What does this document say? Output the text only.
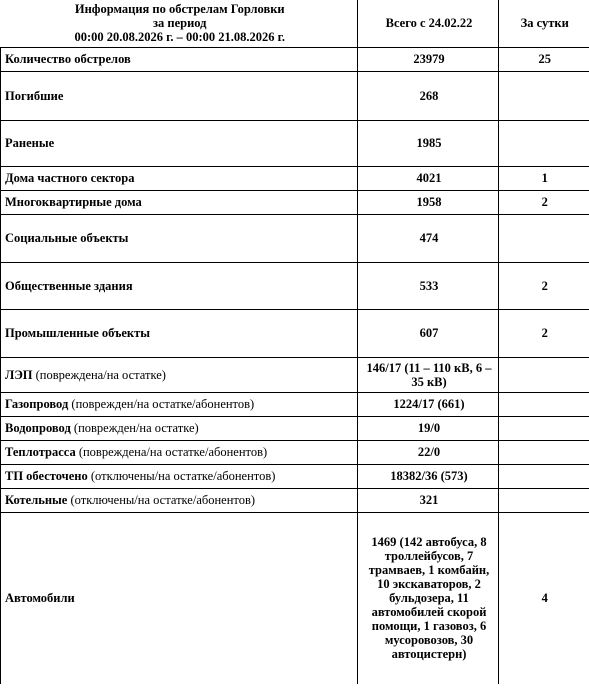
Информация по обстрелам Горловки
за период
00:00 20.08.2026 г. – 00:00 21.08.2026 г.	Всего с 24.02.22	За сутки
Количество обстрелов	23979	25
Погибшие	268	
Раненые	1985	
Дома частного сектора	4021	1
Многоквартирные дома	1958	2
Социальные объекты	474	
Общественные здания	533	2
Промышленные объекты	607	2
ЛЭП (повреждена/на остатке)	146/17 (11 – 110 кВ, 6 – 35 кВ)	
Газопровод (поврежден/на остатке/абонентов)	1224/17 (661)	
Водопровод (поврежден/на остатке)	19/0	
Теплотрасса (повреждена/на остатке/абонентов)	22/0	
ТП обесточено (отключены/на остатке/абонентов)	18382/36 (573)	
Котельные (отключены/на остатке/абонентов)	321	
Автомобили	1469 (142 автобуса, 8 троллейбусов, 7 трамваев, 1 комбайн, 10 экскаваторов, 2 бульдозера, 11 автомобилей скорой помощи, 1 газовоз, 6 мусоровозов, 30 автоцистерн)	4
